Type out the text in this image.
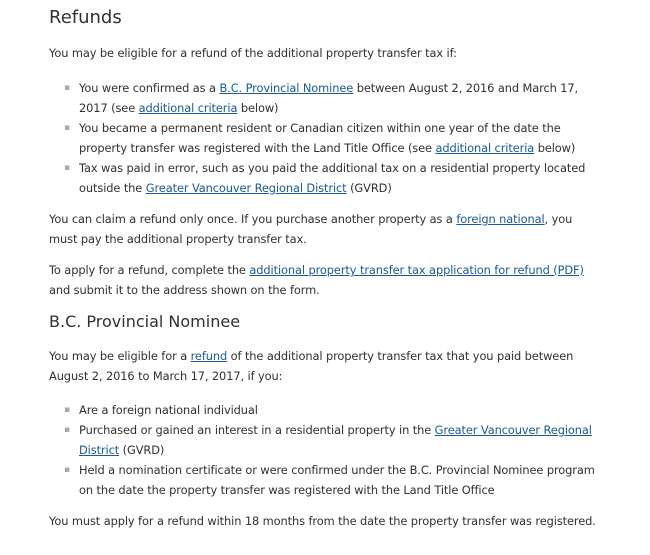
Refunds

You may be eligible for a refund of the additional property transfer tax if:

▪ You were confirmed as a B.C. Provincial Nominee between August 2, 2016 and March 17, 2017 (see additional criteria below)
▪ You became a permanent resident or Canadian citizen within one year of the date the property transfer was registered with the Land Title Office (see additional criteria below)
▪ Tax was paid in error, such as you paid the additional tax on a residential property located outside the Greater Vancouver Regional District (GVRD)

You can claim a refund only once. If you purchase another property as a foreign national, you must pay the additional property transfer tax.

To apply for a refund, complete the additional property transfer tax application for refund (PDF) and submit it to the address shown on the form.

B.C. Provincial Nominee

You may be eligible for a refund of the additional property transfer tax that you paid between August 2, 2016 to March 17, 2017, if you:

▪ Are a foreign national individual
▪ Purchased or gained an interest in a residential property in the Greater Vancouver Regional District (GVRD)
▪ Held a nomination certificate or were confirmed under the B.C. Provincial Nominee program on the date the property transfer was registered with the Land Title Office

You must apply for a refund within 18 months from the date the property transfer was registered.
